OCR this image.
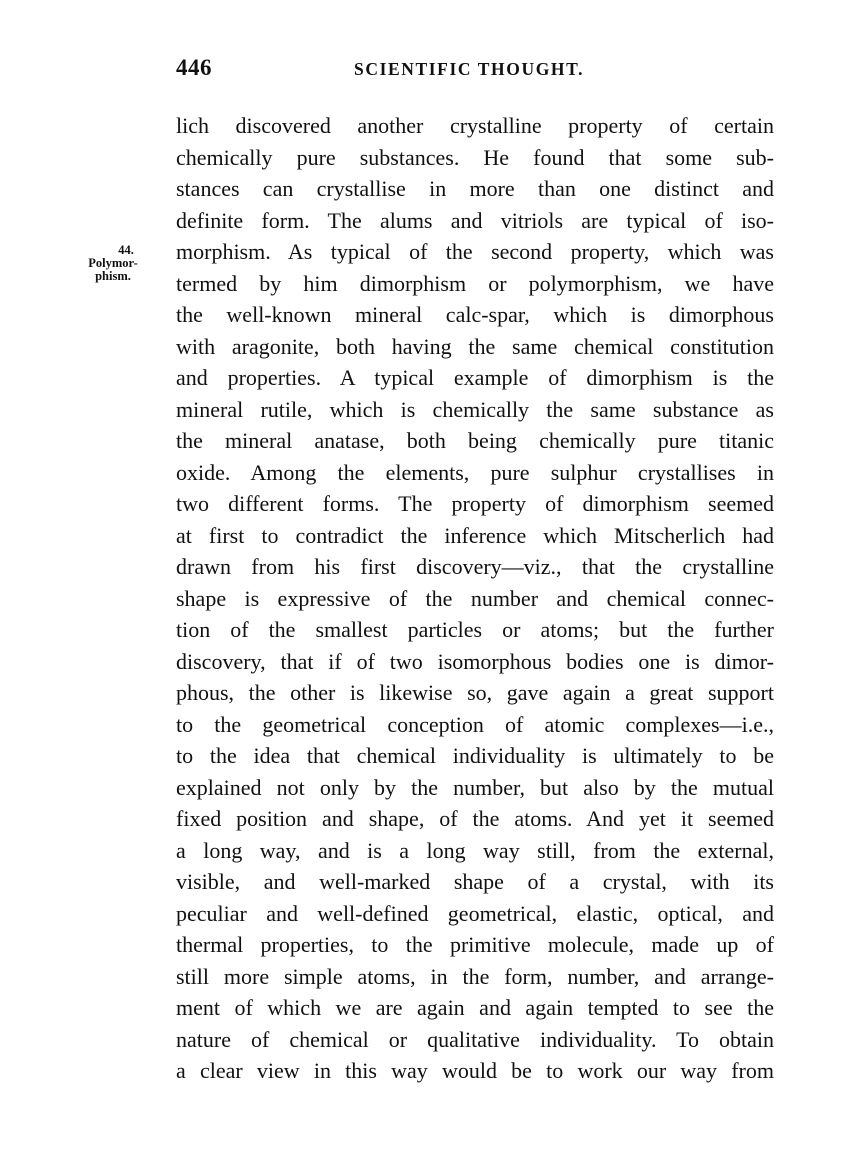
446	SCIENTIFIC THOUGHT.
44.
Polymor-
phism.
lich discovered another crystalline property of certain
chemically pure substances. He found that some sub-
stances can crystallise in more than one distinct and
definite form. The alums and vitriols are typical of iso-
morphism. As typical of the second property, which was
termed by him dimorphism or polymorphism, we have
the well-known mineral calc-spar, which is dimorphous
with aragonite, both having the same chemical constitution
and properties. A typical example of dimorphism is the
mineral rutile, which is chemically the same substance as
the mineral anatase, both being chemically pure titanic
oxide. Among the elements, pure sulphur crystallises in
two different forms. The property of dimorphism seemed
at first to contradict the inference which Mitscherlich had
drawn from his first discovery—viz., that the crystalline
shape is expressive of the number and chemical connec-
tion of the smallest particles or atoms; but the further
discovery, that if of two isomorphous bodies one is dimor-
phous, the other is likewise so, gave again a great support
to the geometrical conception of atomic complexes—i.e.,
to the idea that chemical individuality is ultimately to be
explained not only by the number, but also by the mutual
fixed position and shape, of the atoms. And yet it seemed
a long way, and is a long way still, from the external,
visible, and well-marked shape of a crystal, with its
peculiar and well-defined geometrical, elastic, optical, and
thermal properties, to the primitive molecule, made up of
still more simple atoms, in the form, number, and arrange-
ment of which we are again and again tempted to see the
nature of chemical or qualitative individuality. To obtain
a clear view in this way would be to work our way from
